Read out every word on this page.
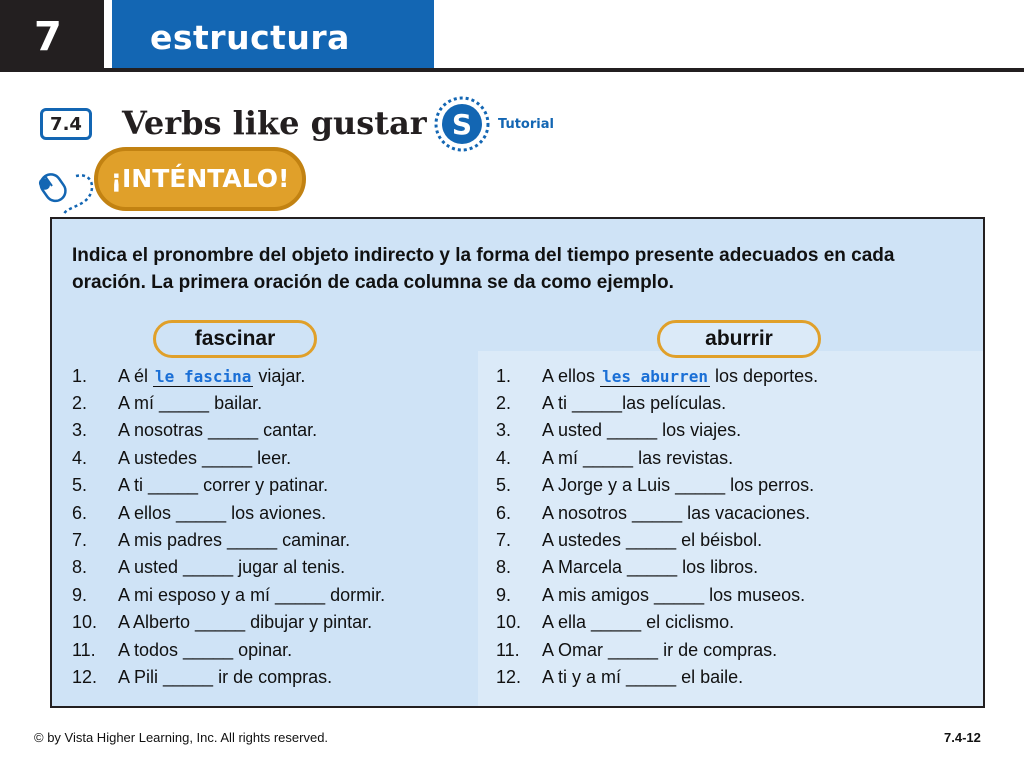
7	estructura
7.4 Verbs like gustar S Tutorial
¡INTÉNTALO!
Indica el pronombre del objeto indirecto y la forma del tiempo presente adecuados en cada oración. La primera oración de cada columna se da como ejemplo.
fascinar	aburrir
1. A él le fascina viajar.
2. A mí _____ bailar.
3. A nosotras _____ cantar.
4. A ustedes _____ leer.
5. A ti _____ correr y patinar.
6. A ellos _____ los aviones.
7. A mis padres _____ caminar.
8. A usted _____ jugar al tenis.
9. A mi esposo y a mí _____ dormir.
10. A Alberto _____ dibujar y pintar.
11. A todos _____ opinar.
12. A Pili _____ ir de compras.
1. A ellos les aburren los deportes.
2. A ti _____las películas.
3. A usted _____ los viajes.
4. A mí _____ las revistas.
5. A Jorge y a Luis _____ los perros.
6. A nosotros _____ las vacaciones.
7. A ustedes _____ el béisbol.
8. A Marcela _____ los libros.
9. A mis amigos _____ los museos.
10. A ella _____ el ciclismo.
11. A Omar _____ ir de compras.
12. A ti y a mí _____ el baile.
© by Vista Higher Learning, Inc. All rights reserved.	7.4-12
